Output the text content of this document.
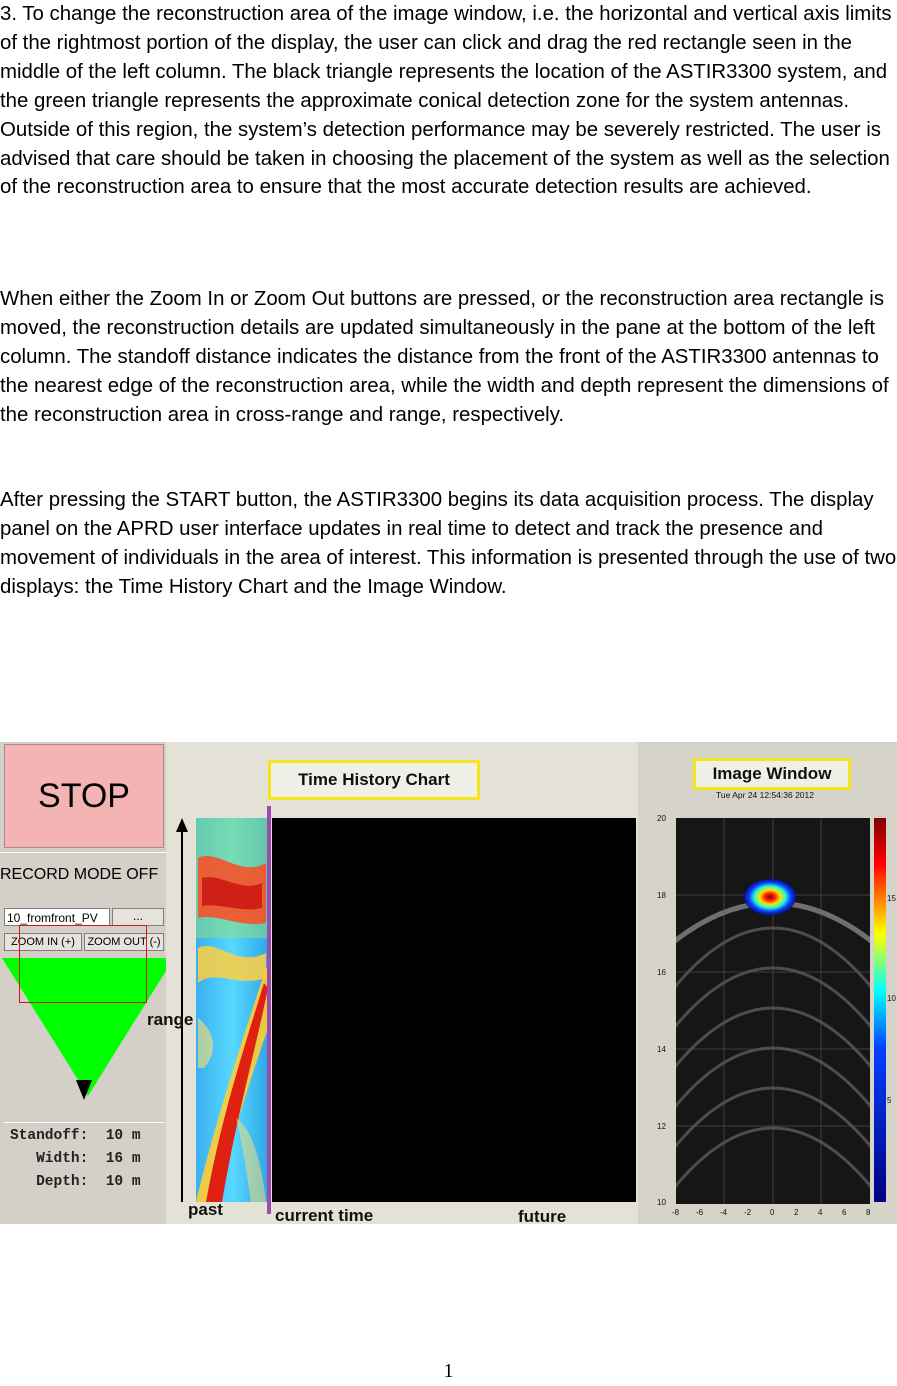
3. To change the reconstruction area of the image window, i.e. the horizontal and vertical axis limits of the rightmost portion of the display, the user can click and drag the red rectangle seen in the middle of the left column. The black triangle represents the location of the ASTIR3300 system, and the green triangle represents the approximate conical detection zone for the system antennas. Outside of this region, the system’s detection performance may be severely restricted. The user is advised that care should be taken in choosing the placement of the system as well as the selection of the reconstruction area to ensure that the most accurate detection results are achieved.

When either the Zoom In or Zoom Out buttons are pressed, or the reconstruction area rectangle is moved, the reconstruction details are updated simultaneously in the pane at the bottom of the left column. The standoff distance indicates the distance from the front of the ASTIR3300 antennas to the nearest edge of the reconstruction area, while the width and depth represent the dimensions of the reconstruction area in cross-range and range, respectively.

After pressing the START button, the ASTIR3300 begins its data acquisition process. The display panel on the APRD user interface updates in real time to detect and track the presence and movement of individuals in the area of interest. This information is presented through the use of two displays: the Time History Chart and the Image Window.

STOP
RECORD MODE OFF
10_fromfront_PV	...
ZOOM IN (+)	ZOOM OUT (-)
Standoff:  10 m
Width:  16 m
Depth:  10 m
range
Time History Chart
past	current time	future
Image Window
Tue Apr 24 12:54:36 2012
20
18
16
14
12
10
-8 -6 -4 -2 0 2 4 6 8
15
10
5
1
